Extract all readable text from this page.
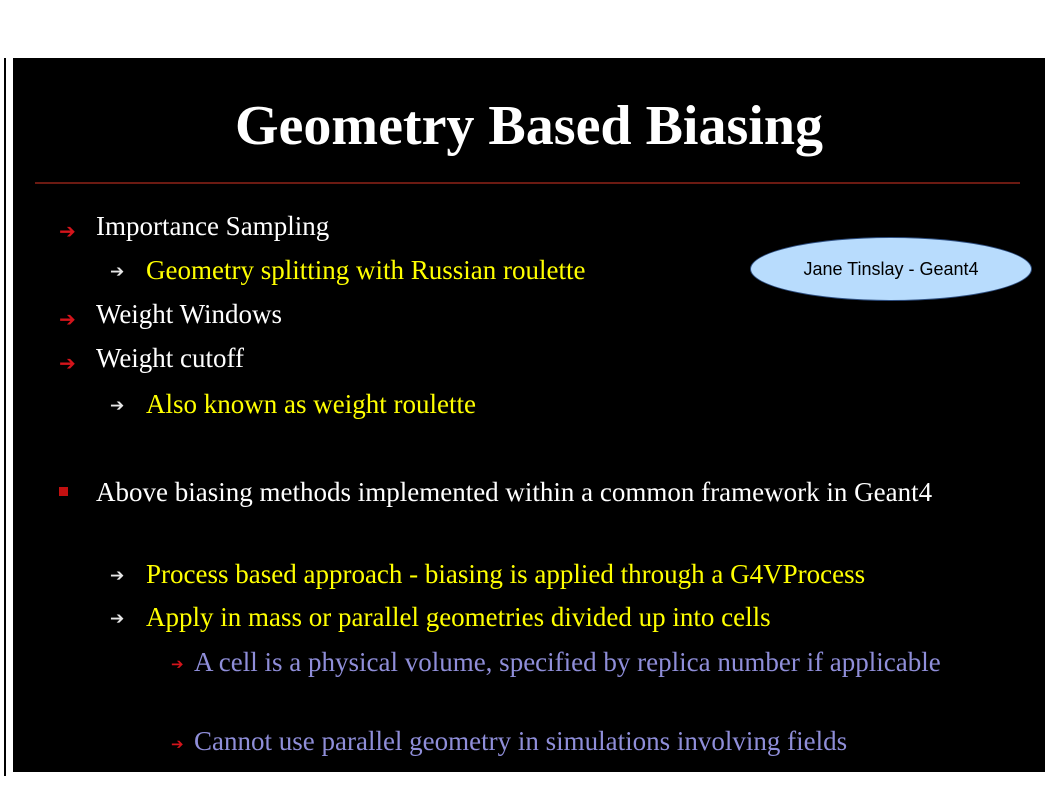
Geometry Based Biasing
Jane Tinslay - Geant4
➔ Importance Sampling
➔ Geometry splitting with Russian roulette
➔ Weight Windows
➔ Weight cutoff
➔ Also known as weight roulette
Above biasing methods implemented within a common framework in Geant4
➔ Process based approach - biasing is applied through a G4VProcess
➔ Apply in mass or parallel geometries divided up into cells
➔ A cell is a physical volume, specified by replica number if applicable
➔ Cannot use parallel geometry in simulations involving fields
